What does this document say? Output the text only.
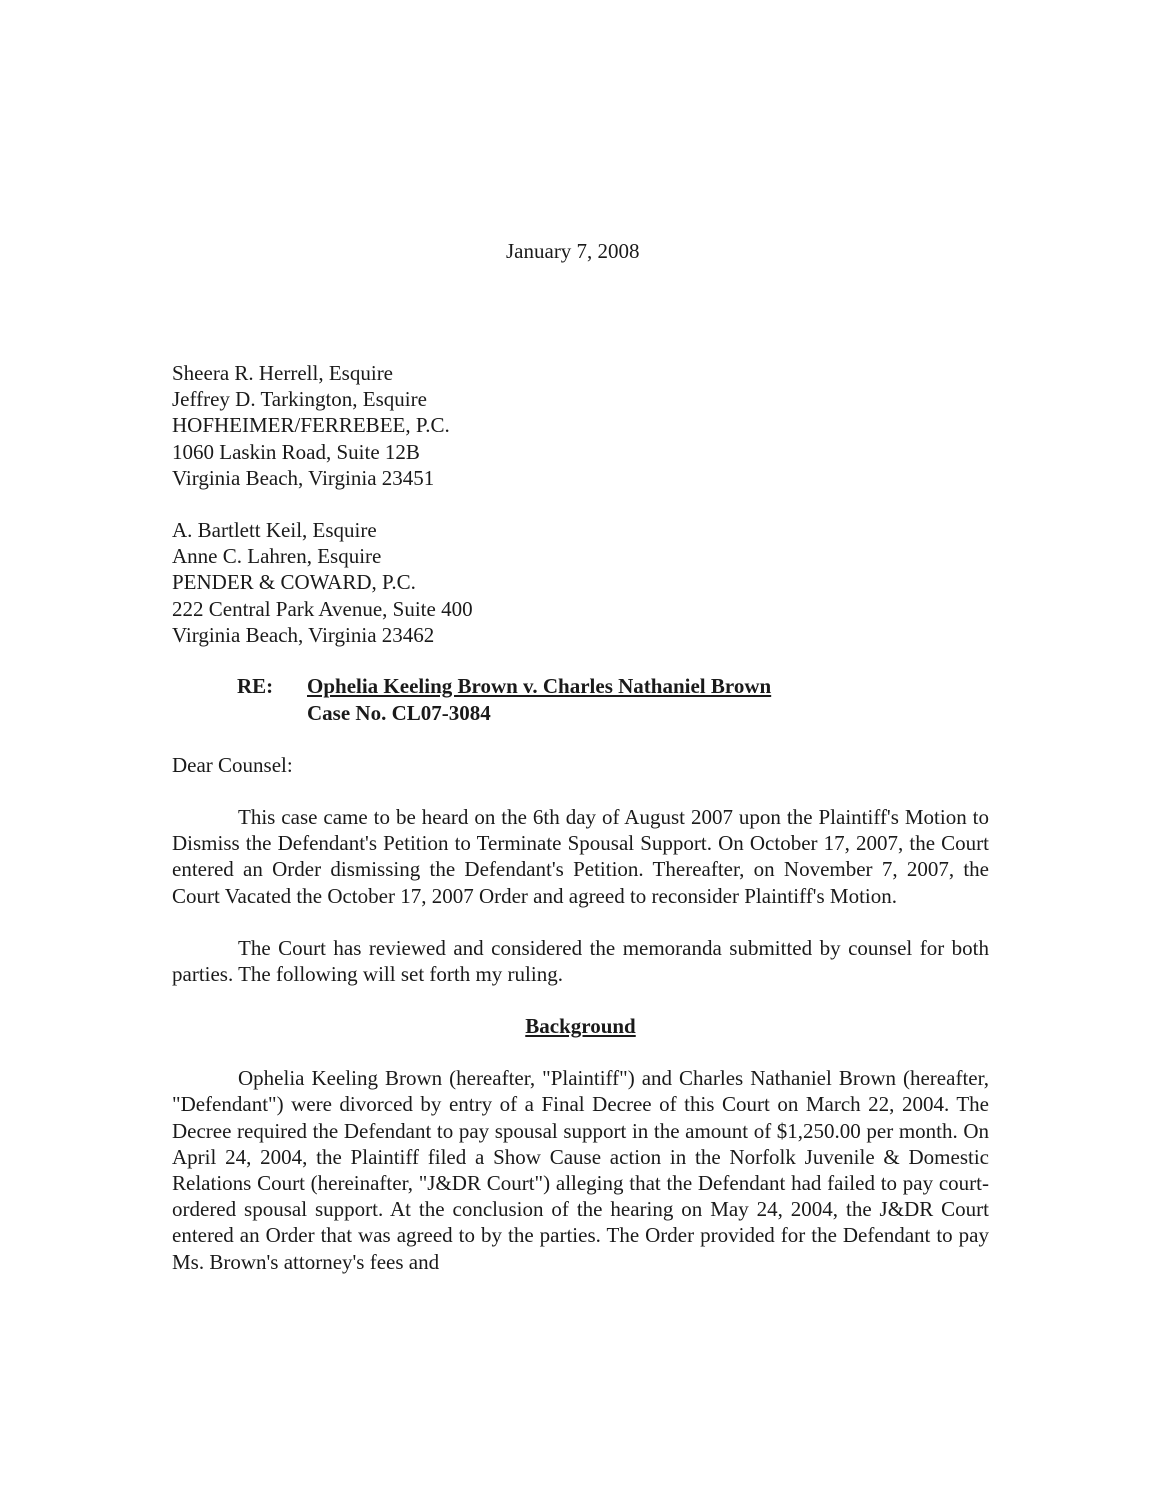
January 7, 2008
Sheera R. Herrell, Esquire
Jeffrey D. Tarkington, Esquire
HOFHEIMER/FERREBEE, P.C.
1060 Laskin Road, Suite 12B
Virginia Beach, Virginia 23451
A. Bartlett Keil, Esquire
Anne C. Lahren, Esquire
PENDER & COWARD, P.C.
222 Central Park Avenue, Suite 400
Virginia Beach, Virginia 23462
RE:	Ophelia Keeling Brown v. Charles Nathaniel Brown
Case No. CL07-3084
Dear Counsel:

This case came to be heard on the 6th day of August 2007 upon the Plaintiff's Motion to Dismiss the Defendant's Petition to Terminate Spousal Support. On October 17, 2007, the Court entered an Order dismissing the Defendant's Petition. Thereafter, on November 7, 2007, the Court Vacated the October 17, 2007 Order and agreed to reconsider Plaintiff's Motion.

The Court has reviewed and considered the memoranda submitted by counsel for both parties. The following will set forth my ruling.

Background

Ophelia Keeling Brown (hereafter, "Plaintiff") and Charles Nathaniel Brown (hereafter, "Defendant") were divorced by entry of a Final Decree of this Court on March 22, 2004. The Decree required the Defendant to pay spousal support in the amount of $1,250.00 per month. On April 24, 2004, the Plaintiff filed a Show Cause action in the Norfolk Juvenile & Domestic Relations Court (hereinafter, "J&DR Court") alleging that the Defendant had failed to pay court-ordered spousal support. At the conclusion of the hearing on May 24, 2004, the J&DR Court entered an Order that was agreed to by the parties. The Order provided for the Defendant to pay Ms. Brown's attorney's fees and
